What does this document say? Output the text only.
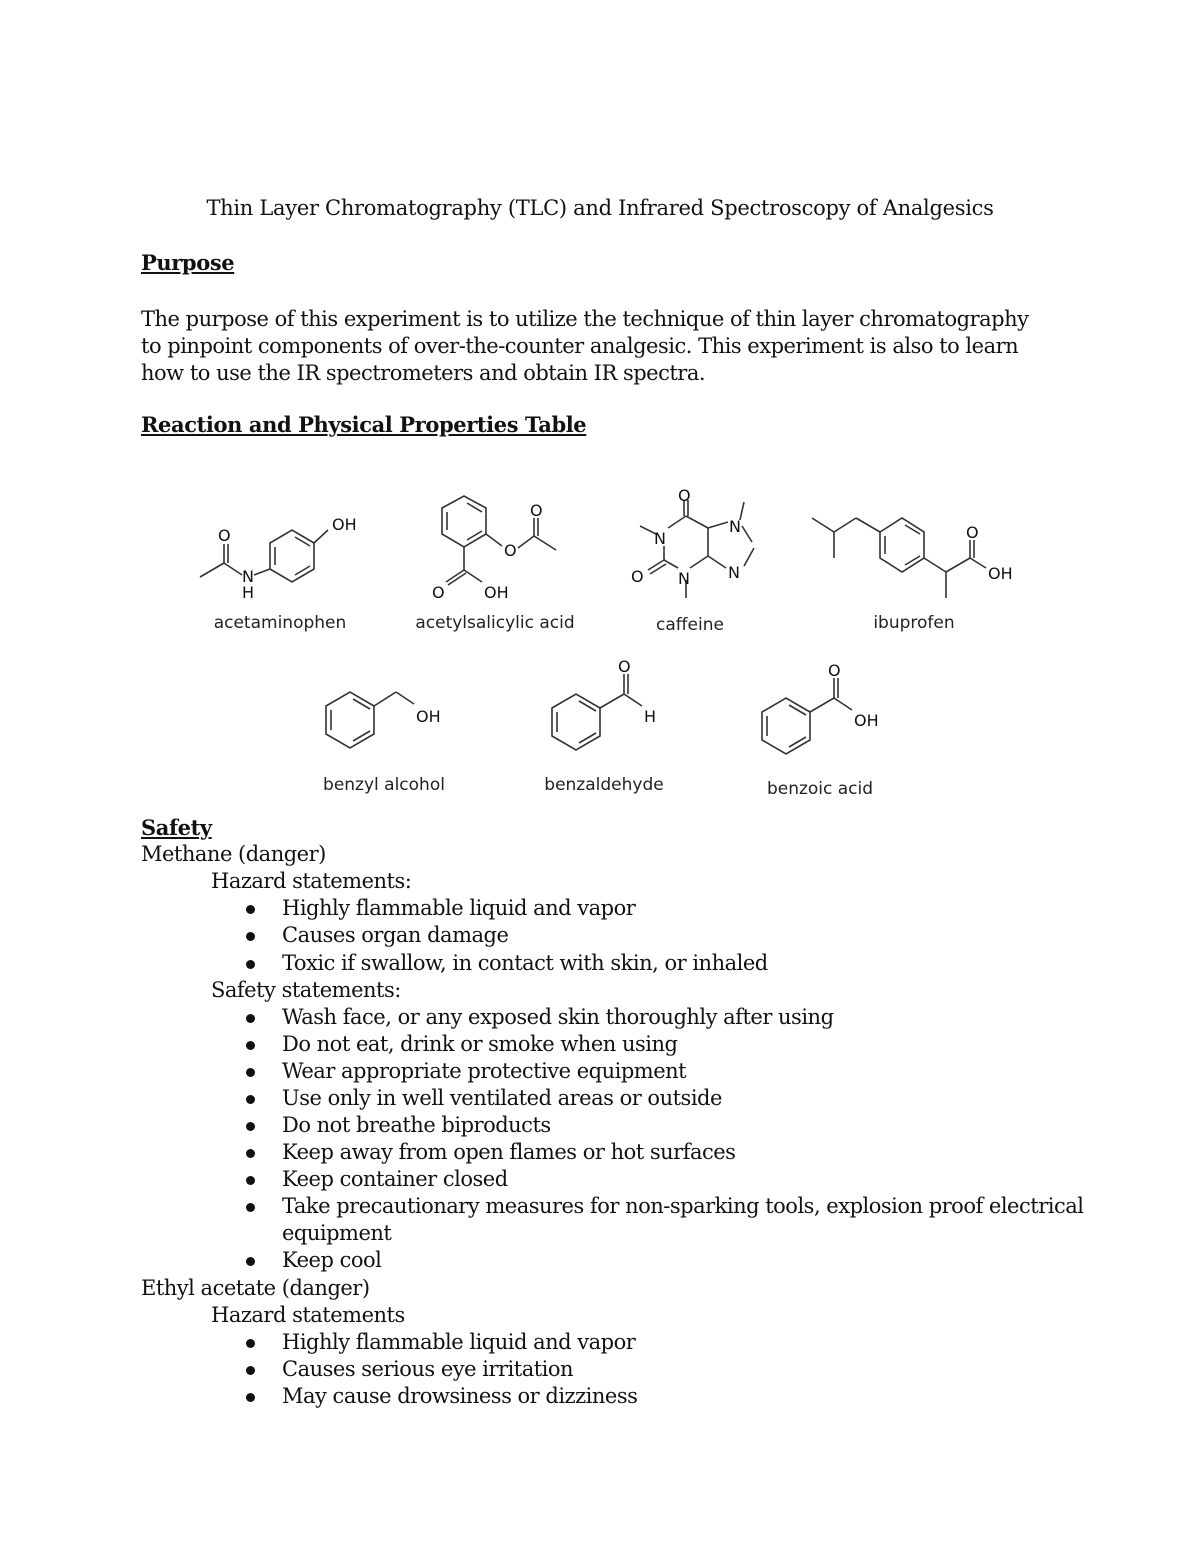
Thin Layer Chromatography (TLC) and Infrared Spectroscopy of Analgesics
Purpose
The purpose of this experiment is to utilize the technique of thin layer chromatography to pinpoint components of over-the-counter analgesic. This experiment is also to learn how to use the IR spectrometers and obtain IR spectra.
Reaction and Physical Properties Table
OH
O
N
H
acetaminophen
O
O
O OH
acetylsalicylic acid
O
N
O N
N
N
caffeine
O
OH
ibuprofen
OH
benzyl alcohol
O
H
benzaldehyde
O
OH
benzoic acid
Safety
Methane (danger)
Hazard statements:
Highly flammable liquid and vapor
Causes organ damage
Toxic if swallow, in contact with skin, or inhaled
Safety statements:
Wash face, or any exposed skin thoroughly after using
Do not eat, drink or smoke when using
Wear appropriate protective equipment
Use only in well ventilated areas or outside
Do not breathe biproducts
Keep away from open flames or hot surfaces
Keep container closed
Take precautionary measures for non-sparking tools, explosion proof electrical
equipment
Keep cool
Ethyl acetate (danger)
Hazard statements
Highly flammable liquid and vapor
Causes serious eye irritation
May cause drowsiness or dizziness
